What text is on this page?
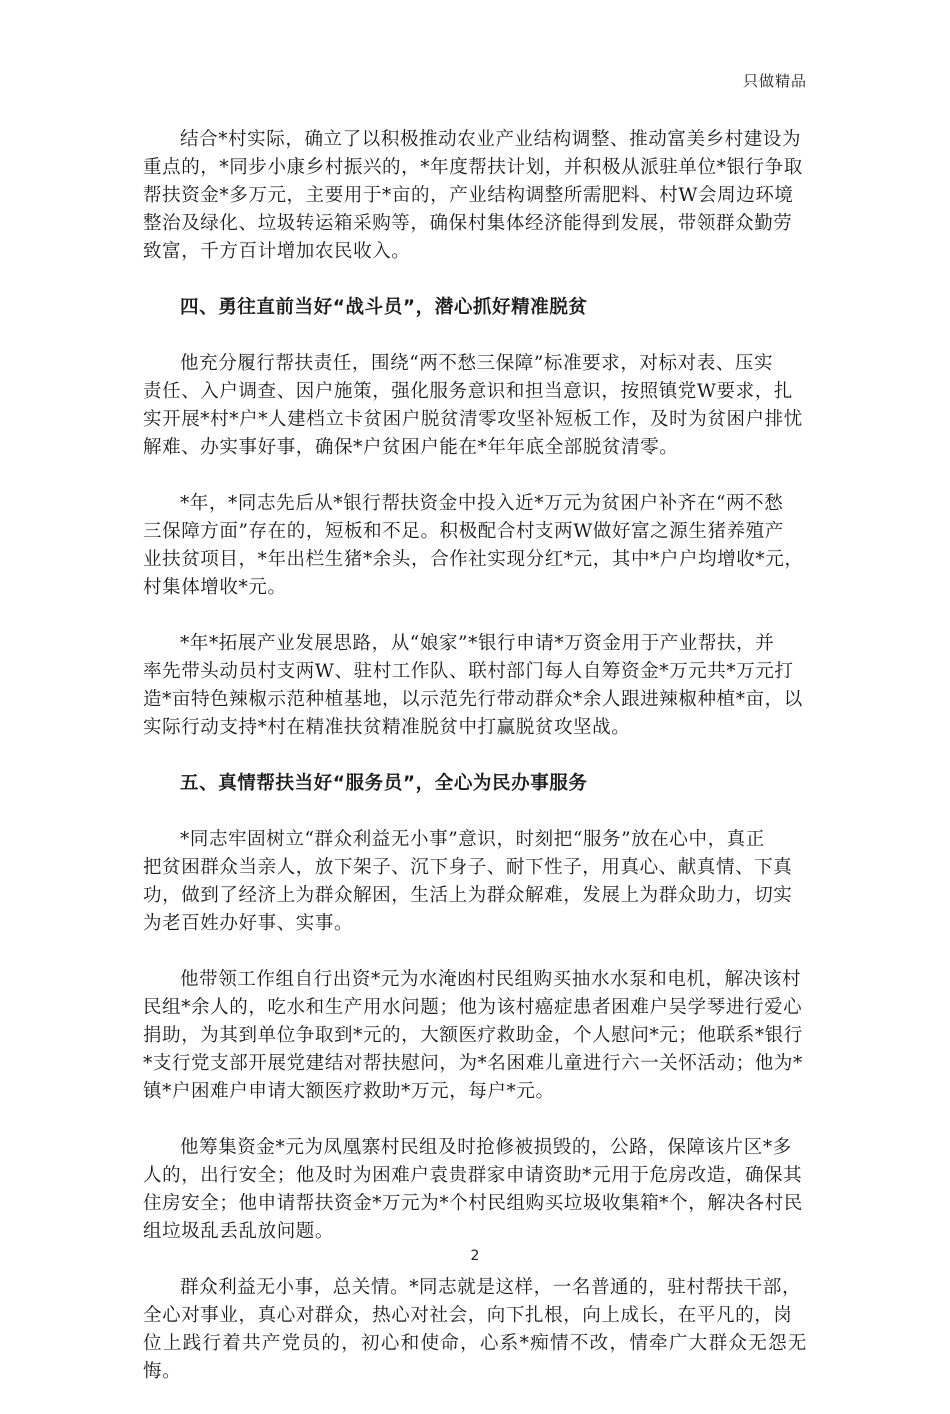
只做精品

结合*村实际，确立了以积极推动农业产业结构调整、推动富美乡村建设为
重点的，*同步小康乡村振兴的，*年度帮扶计划，并积极从派驻单位*银行争取
帮扶资金*多万元，主要用于*亩的，产业结构调整所需肥料、村W会周边环境
整治及绿化、垃圾转运箱采购等，确保村集体经济能得到发展，带领群众勤劳
致富，千方百计增加农民收入。

四、勇往直前当好“战斗员”，潜心抓好精准脱贫

他充分履行帮扶责任，围绕“两不愁三保障”标准要求，对标对表、压实
责任、入户调查、因户施策，强化服务意识和担当意识，按照镇党W要求，扎
实开展*村*户*人建档立卡贫困户脱贫清零攻坚补短板工作，及时为贫困户排忧
解难、办实事好事，确保*户贫困户能在*年年底全部脱贫清零。

*年，*同志先后从*银行帮扶资金中投入近*万元为贫困户补齐在“两不愁
三保障方面”存在的，短板和不足。积极配合村支两W做好富之源生猪养殖产
业扶贫项目，*年出栏生猪*余头，合作社实现分红*元，其中*户户均增收*元，
村集体增收*元。

*年*拓展产业发展思路，从“娘家”*银行申请*万资金用于产业帮扶，并
率先带头动员村支两W、驻村工作队、联村部门每人自筹资金*万元共*万元打
造*亩特色辣椒示范种植基地，以示范先行带动群众*余人跟进辣椒种植*亩，以
实际行动支持*村在精准扶贫精准脱贫中打赢脱贫攻坚战。

五、真情帮扶当好“服务员”，全心为民办事服务

*同志牢固树立“群众利益无小事”意识，时刻把“服务”放在心中，真正
把贫困群众当亲人，放下架子、沉下身子、耐下性子，用真心、献真情、下真
功，做到了经济上为群众解困，生活上为群众解难，发展上为群众助力，切实
为老百姓办好事、实事。

他带领工作组自行出资*元为水淹凼村民组购买抽水水泵和电机，解决该村
民组*余人的，吃水和生产用水问题；他为该村癌症患者困难户吴学琴进行爱心
捐助，为其到单位争取到*元的，大额医疗救助金，个人慰问*元；他联系*银行
*支行党支部开展党建结对帮扶慰问，为*名困难儿童进行六一关怀活动；他为*
镇*户困难户申请大额医疗救助*万元，每户*元。

他筹集资金*元为凤凰寨村民组及时抢修被损毁的，公路，保障该片区*多
人的，出行安全；他及时为困难户袁贵群家申请资助*元用于危房改造，确保其
住房安全；他申请帮扶资金*万元为*个村民组购买垃圾收集箱*个，解决各村民
组垃圾乱丢乱放问题。

群众利益无小事，总关情。*同志就是这样，一名普通的，驻村帮扶干部，
全心对事业，真心对群众，热心对社会，向下扎根，向上成长，在平凡的，岗
位上践行着共产党员的，初心和使命，心系*痴情不改，情牵广大群众无怨无悔。

2
